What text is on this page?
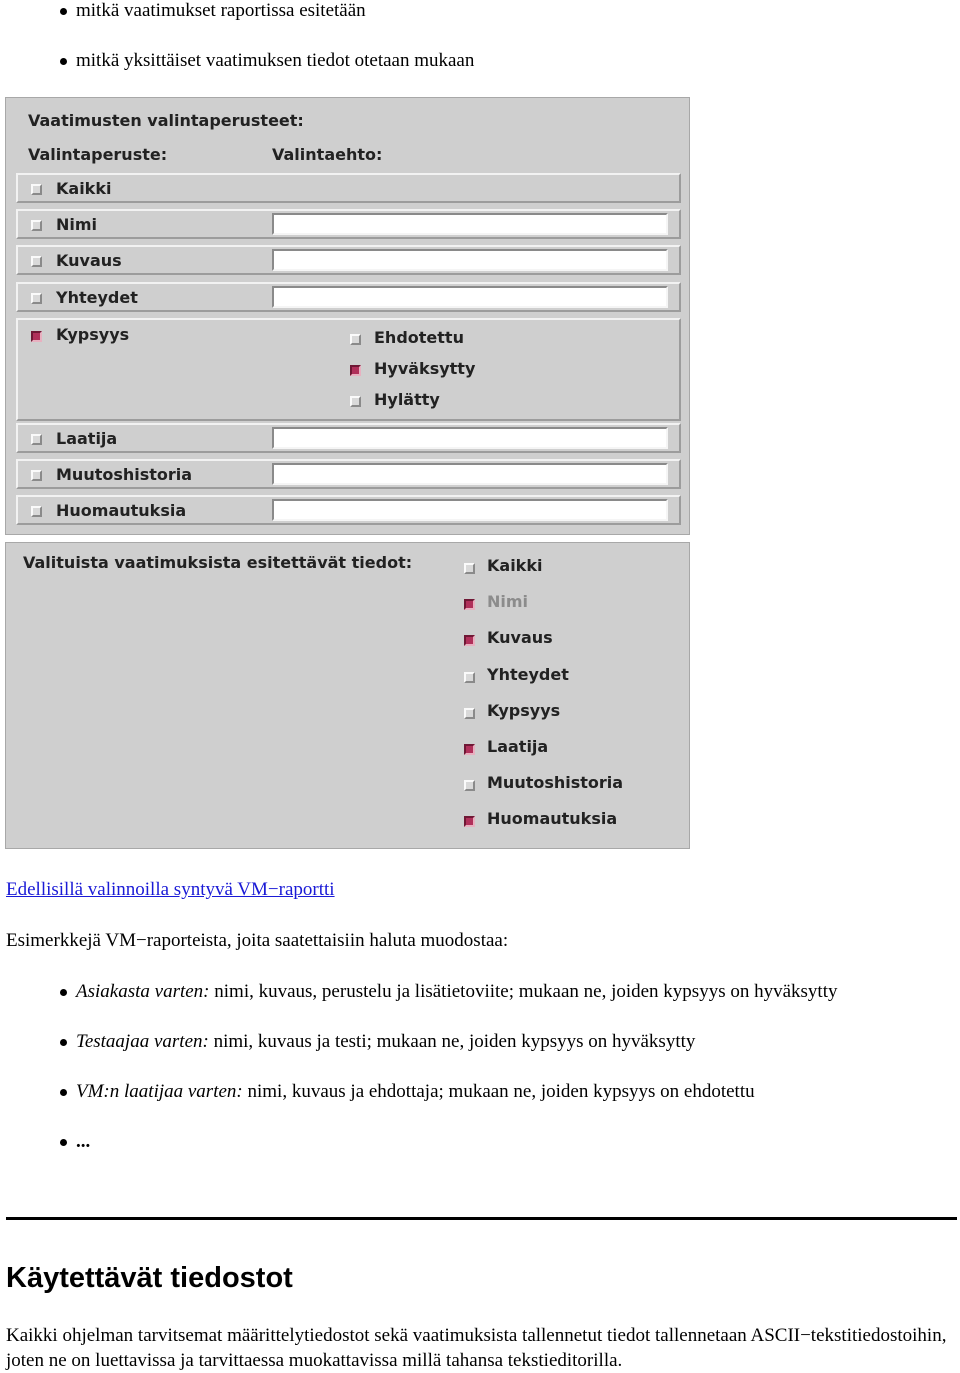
mitkä vaatimukset raportissa esitetään
mitkä yksittäiset vaatimuksen tiedot otetaan mukaan
Vaatimusten valintaperusteet:
Valintaperuste:	Valintaehto:
Kaikki
Nimi
Kuvaus
Yhteydet
Kypsyys	Ehdotettu
Hyväksytty
Hylätty
Laatija
Muutoshistoria
Huomautuksia
Valituista vaatimuksista esitettävät tiedot:	Kaikki
Nimi
Kuvaus
Yhteydet
Kypsyys
Laatija
Muutoshistoria
Huomautuksia
Edellisillä valinnoilla syntyvä VM−raportti
Esimerkkejä VM−raporteista, joita saatettaisiin haluta muodostaa:
Asiakasta varten: nimi, kuvaus, perustelu ja lisätietoviite; mukaan ne, joiden kypsyys on hyväksytty
Testaajaa varten: nimi, kuvaus ja testi; mukaan ne, joiden kypsyys on hyväksytty
VM:n laatijaa varten: nimi, kuvaus ja ehdottaja; mukaan ne, joiden kypsyys on ehdotettu
...
Käytettävät tiedostot
Kaikki ohjelman tarvitsemat määrittelytiedostot sekä vaatimuksista tallennetut tiedot tallennetaan ASCII−tekstitiedostoihin, joten ne on luettavissa ja tarvittaessa muokattavissa millä tahansa tekstieditorilla.
